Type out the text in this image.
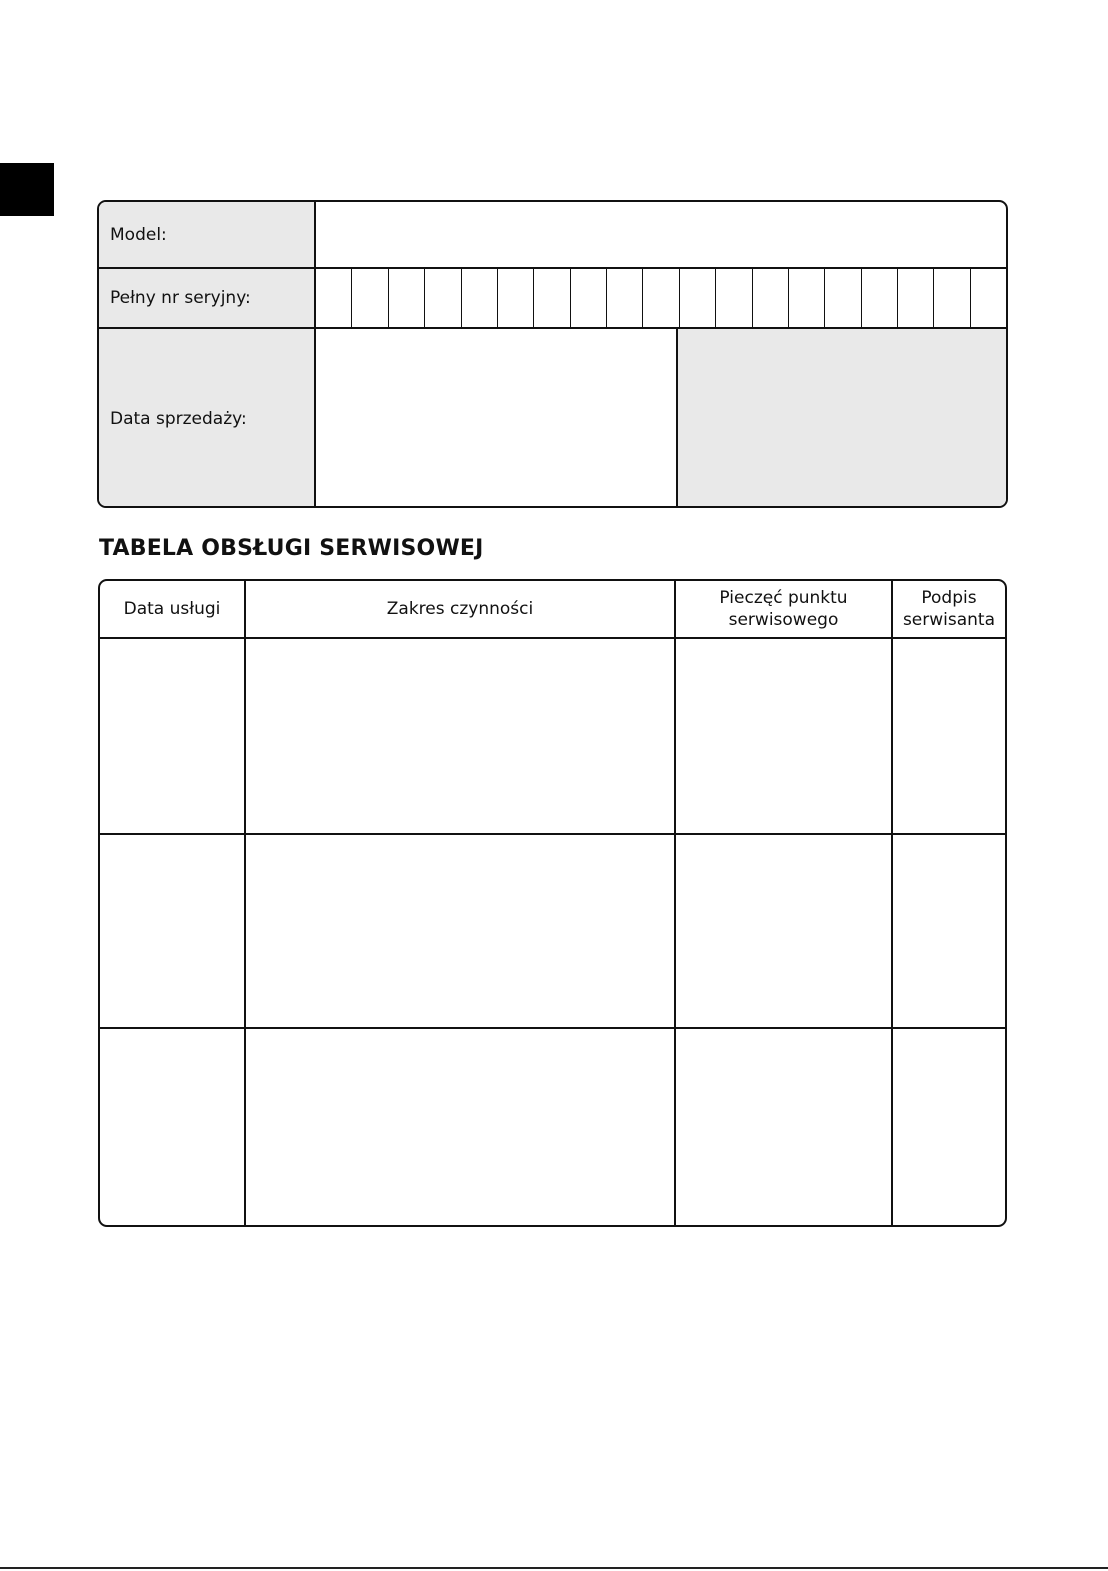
Model:
Pełny nr seryjny:
Data sprzedaży:
TABELA OBSŁUGI SERWISOWEJ
Data usługi	Zakres czynności
Pieczęć punktu
serwisowego
Podpis
serwisanta
